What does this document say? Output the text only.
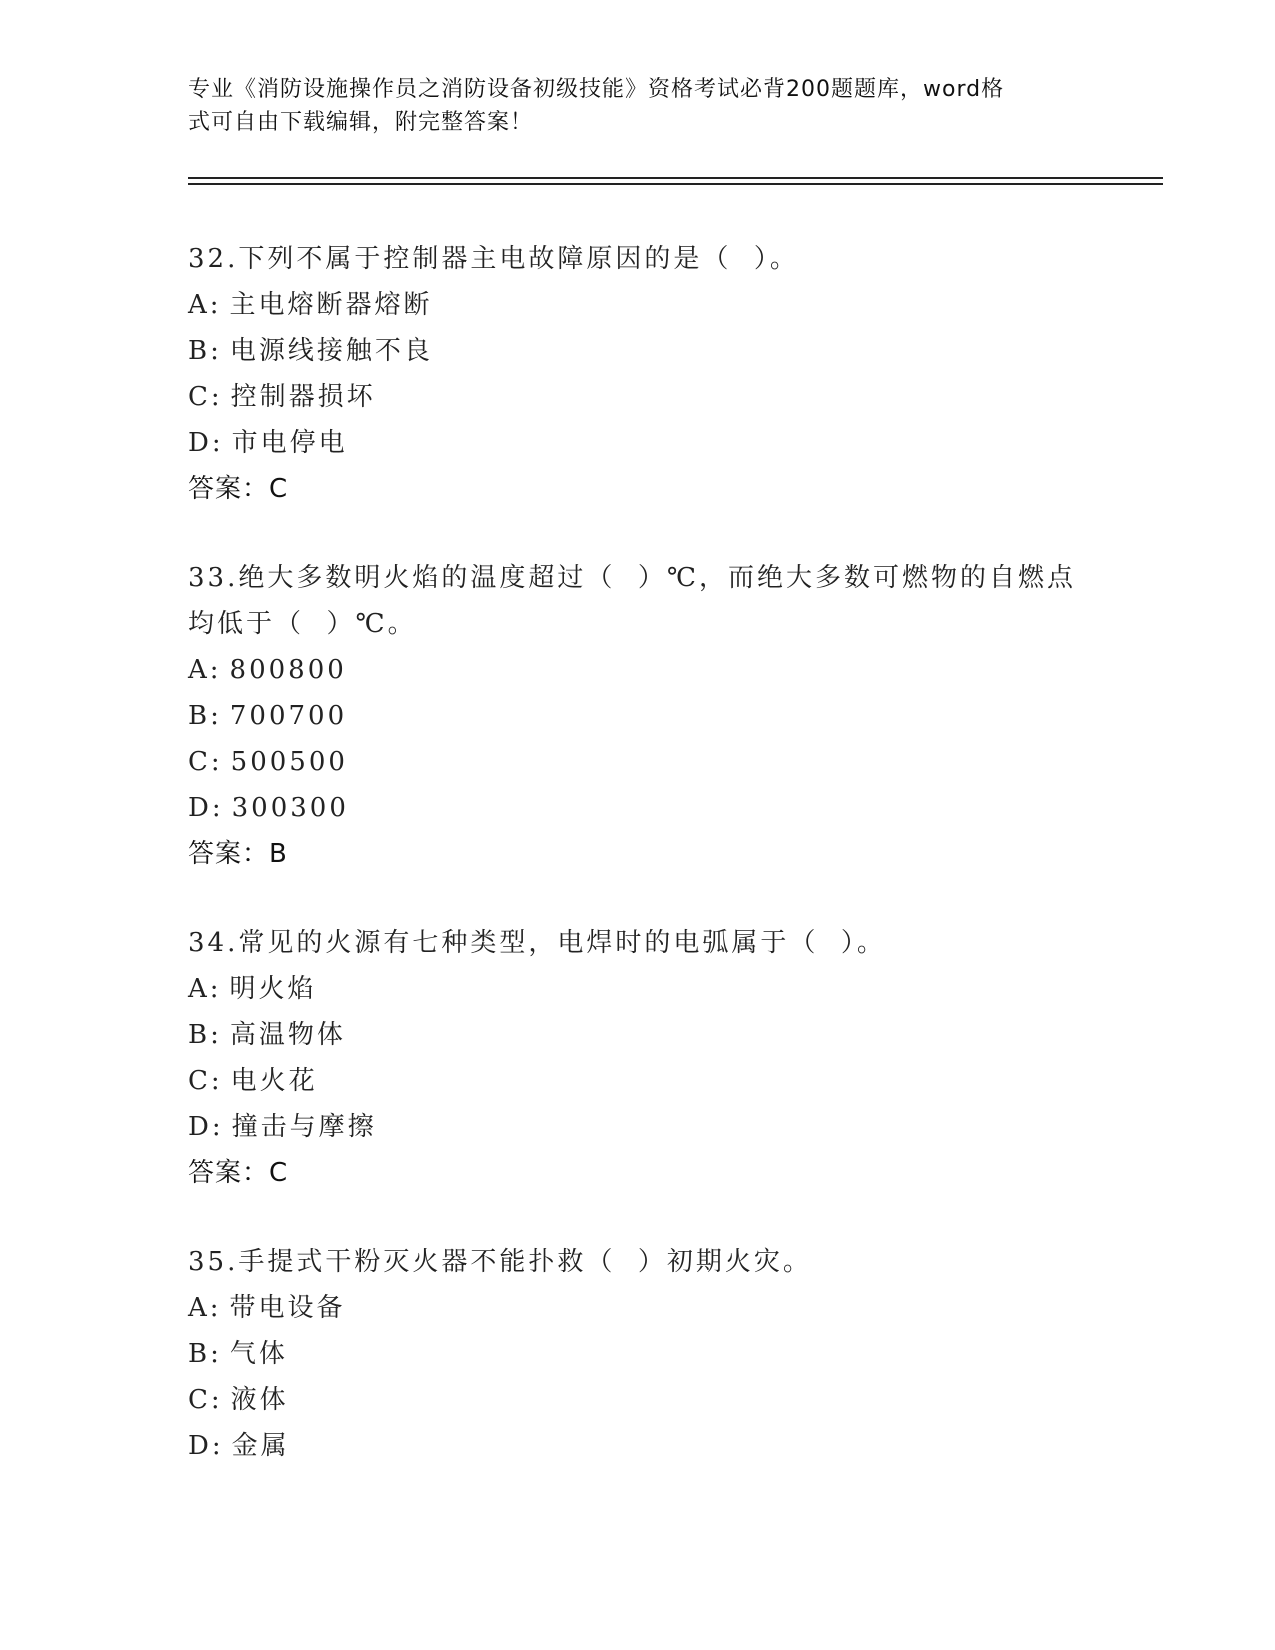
专业《消防设施操作员之消防设备初级技能》资格考试必背200题题库，word格
式可自由下载编辑，附完整答案！
32.下列不属于控制器主电故障原因的是（  ）。
A: 主电熔断器熔断
B: 电源线接触不良
C: 控制器损坏
D: 市电停电
答案：C
33.绝大多数明火焰的温度超过（  ）℃，而绝大多数可燃物的自燃点均低于（  ）℃。
A: 800800
B: 700700
C: 500500
D: 300300
答案：B
34.常见的火源有七种类型，电焊时的电弧属于（  ）。
A: 明火焰
B: 高温物体
C: 电火花
D: 撞击与摩擦
答案：C
35.手提式干粉灭火器不能扑救（  ）初期火灾。
A: 带电设备
B: 气体
C: 液体
D: 金属
